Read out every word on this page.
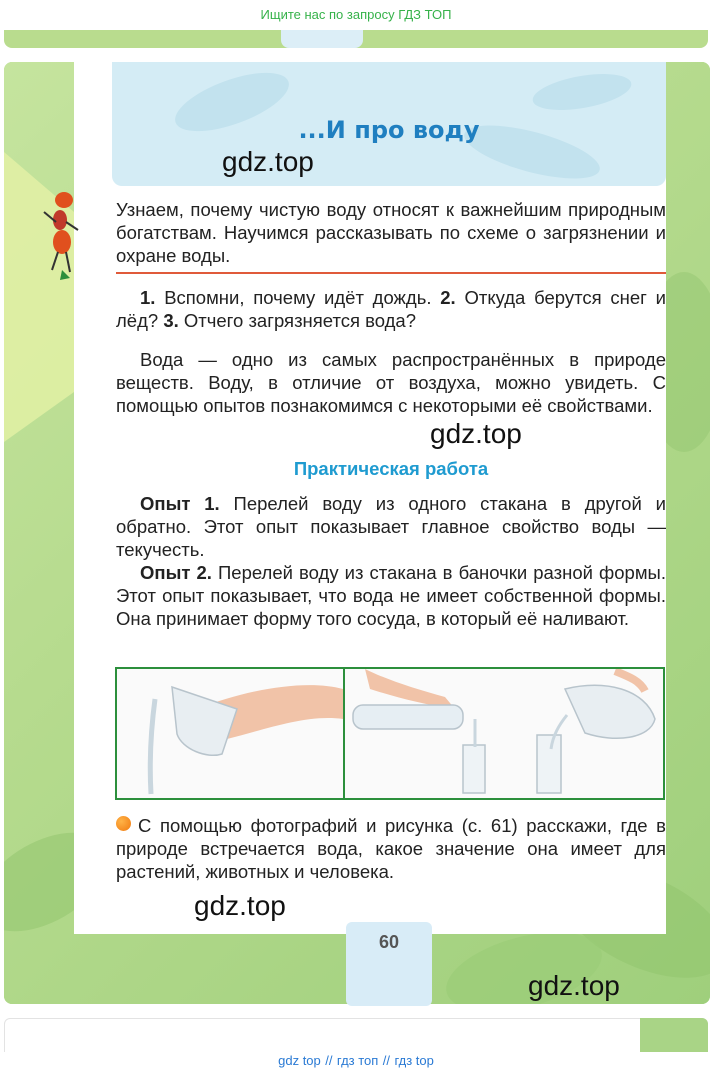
Ищите нас по запросу ГДЗ ТОП
...И про воду
gdz.top
Узнаем, почему чистую воду относят к важнейшим природным богатствам. Научимся рассказывать по схеме о загрязнении и охране воды.
1. Вспомни, почему идёт дождь. 2. Откуда берутся снег и лёд? 3. Отчего загрязняется вода?
Вода — одно из самых распространённых в природе веществ. Воду, в отличие от воздуха, можно увидеть. С помощью опытов познакомимся с некоторыми её свойствами.
gdz.top
Практическая работа
Опыт 1. Перелей воду из одного стакана в другой и обратно. Этот опыт показывает главное свойство воды — текучесть.
Опыт 2. Перелей воду из стакана в баночки разной формы. Этот опыт показывает, что вода не имеет собственной формы. Она принимает форму того сосуда, в который её наливают.
С помощью фотографий и рисунка (с. 61) расскажи, где в природе встречается вода, какое значение она имеет для растений, животных и человека.
gdz.top
60
gdz.top
gdz top // гдз топ // гдз top
